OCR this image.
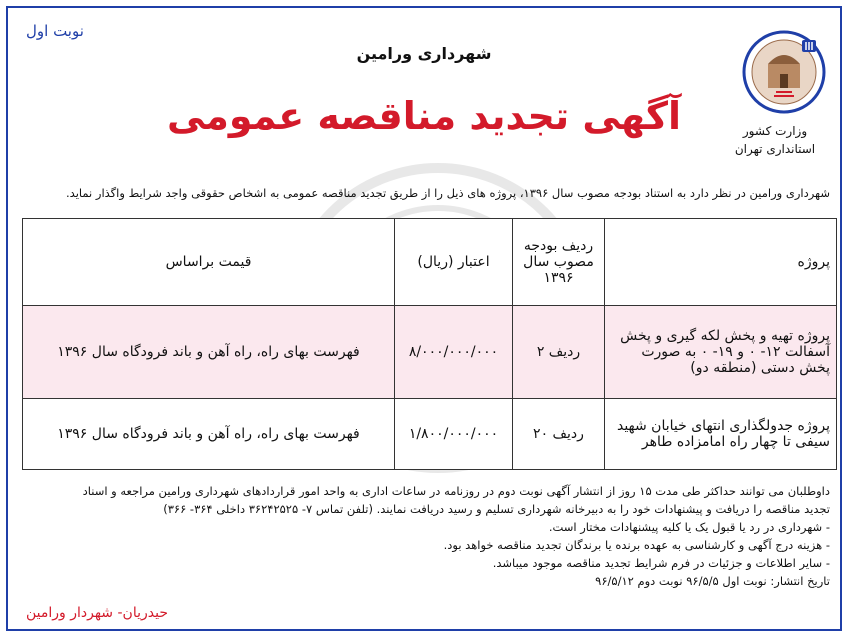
نوبت اول
شهرداری ورامین
آگهی تجدید مناقصه عمومی	وزارت کشور
استانداری تهران
شهرداری ورامین در نظر دارد به استناد بودجه مصوب سال ۱۳۹۶، پروژه های ذیل را از طریق تجدید مناقصه عمومی به اشخاص حقوقی واجد شرایط واگذار نماید.
پروژه	ردیف بودجه مصوب سال ۱۳۹۶	اعتبار (ریال)	قیمت براساس
پروژه تهیه و پخش لکه گیری و پخش آسفالت ۱۲- ۰ و ۱۹- ۰ به صورت پخش دستی (منطقه دو)	ردیف ۲	۸/۰۰۰/۰۰۰/۰۰۰	فهرست بهای راه، راه آهن و باند فرودگاه سال ۱۳۹۶
پروژه جدولگذاری انتهای خیابان شهید سیفی تا چهار راه امامزاده طاهر	ردیف ۲۰	۱/۸۰۰/۰۰۰/۰۰۰	فهرست بهای راه، راه آهن و باند فرودگاه سال ۱۳۹۶

داوطلبان می توانند حداکثر طی مدت ۱۵ روز از انتشار آگهی نوبت دوم در روزنامه در ساعات اداری به واحد امور قراردادهای شهرداری ورامین مراجعه و اسناد

تجدید مناقصه را دریافت و پیشنهادات خود را به دبیرخانه شهرداری تسلیم و رسید دریافت نمایند. (تلفن تماس ۷- ۳۶۲۴۲۵۲۵ داخلی ۳۶۴- ۳۶۶)

- شهرداری در رد یا قبول یک یا کلیه پیشنهادات مختار است.

- هزینه درج آگهی و کارشناسی به عهده برنده یا برندگان تجدید مناقصه خواهد بود.

- سایر اطلاعات و جزئیات در فرم شرایط تجدید مناقصه موجود میباشد.

تاریخ انتشار: نوبت اول ۹۶/۵/۵ نوبت دوم ۹۶/۵/۱۲

حیدریان- شهردار ورامین
